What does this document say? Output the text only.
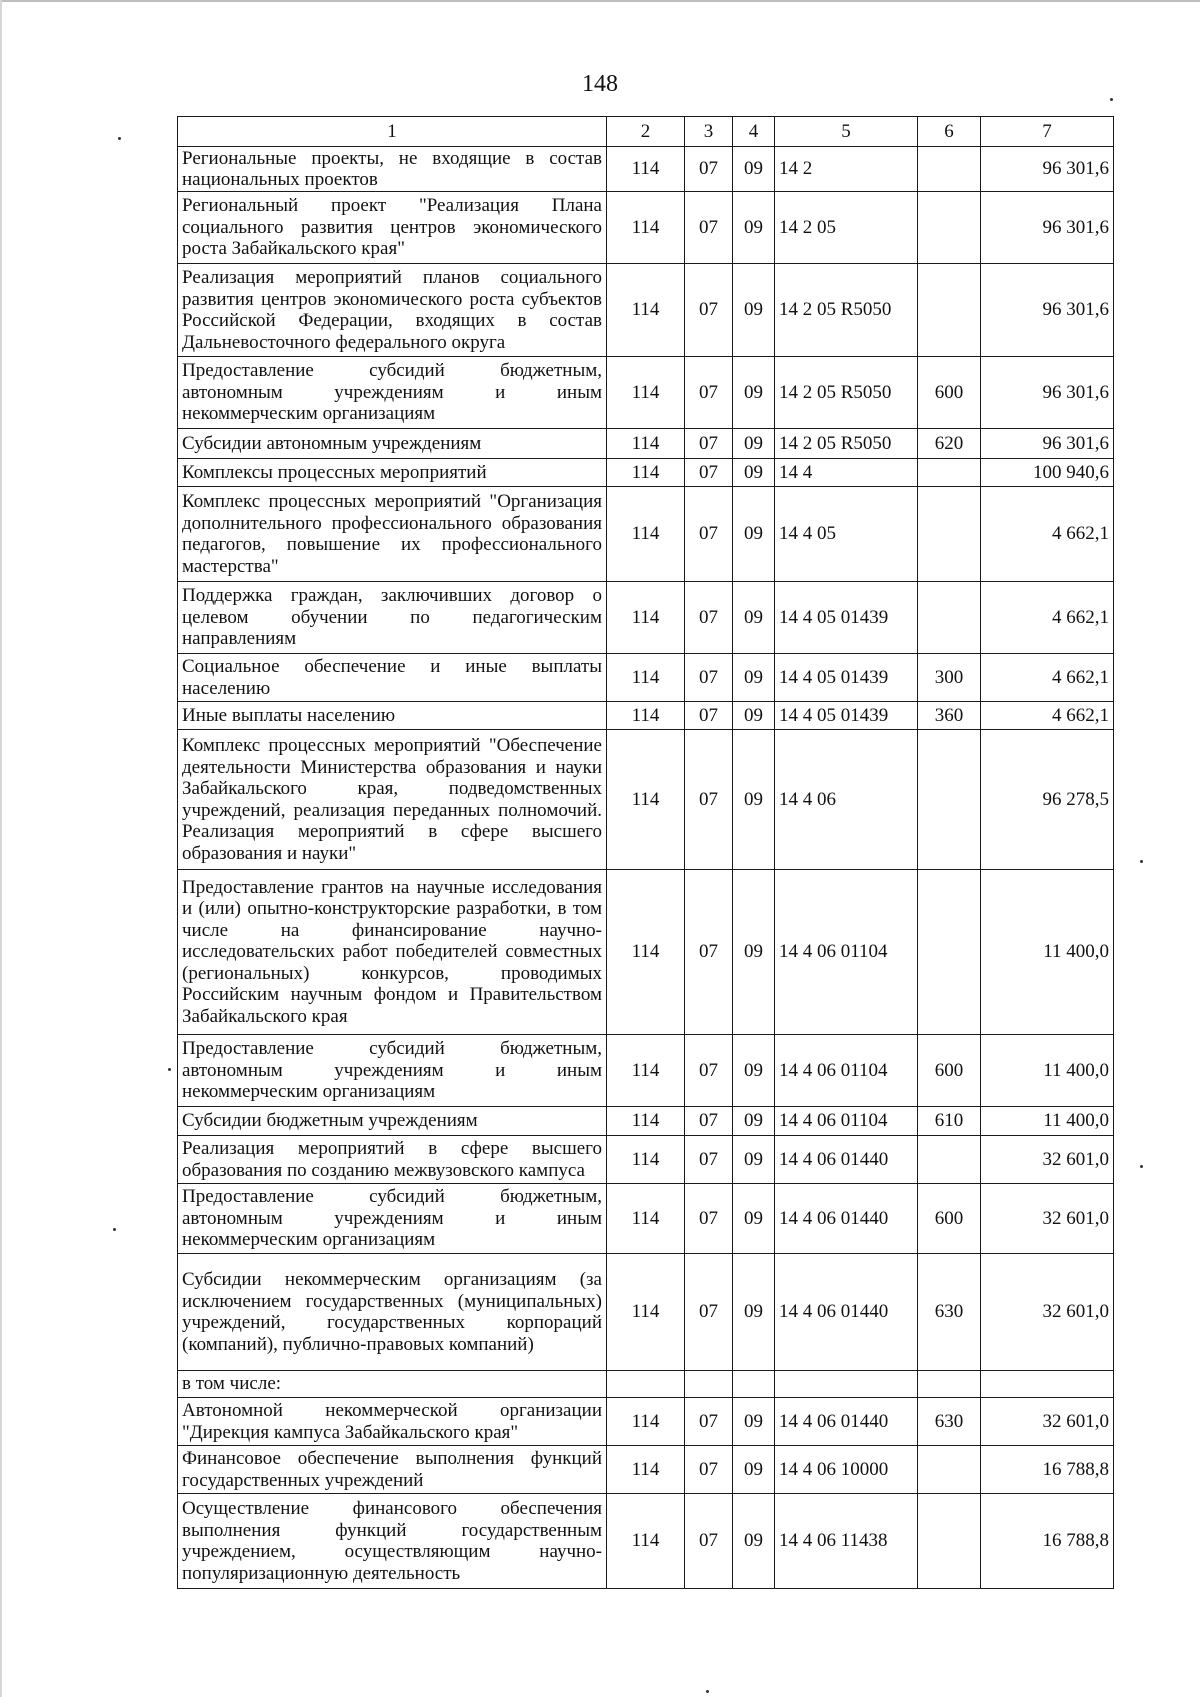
148
1	2	3	4	5	6	7
Региональные проекты, не входящие в состав национальных проектов	114	07	09	14 2		96 301,6
Региональный проект "Реализация Плана социального развития центров экономического роста Забайкальского края"	114	07	09	14 2 05		96 301,6
Реализация мероприятий планов социального развития центров экономического роста субъектов Российской Федерации, входящих в состав Дальневосточного федерального округа	114	07	09	14 2 05 R5050		96 301,6
Предоставление субсидий бюджетным, автономным учреждениям и иным некоммерческим организациям	114	07	09	14 2 05 R5050	600	96 301,6
Субсидии автономным учреждениям	114	07	09	14 2 05 R5050	620	96 301,6
Комплексы процессных мероприятий	114	07	09	14 4		100 940,6
Комплекс процессных мероприятий "Организация дополнительного профессионального образования педагогов, повышение их профессионального мастерства"	114	07	09	14 4 05		4 662,1
Поддержка граждан, заключивших договор о целевом обучении по педагогическим направлениям	114	07	09	14 4 05 01439		4 662,1
Социальное обеспечение и иные выплаты населению	114	07	09	14 4 05 01439	300	4 662,1
Иные выплаты населению	114	07	09	14 4 05 01439	360	4 662,1
Комплекс процессных мероприятий "Обеспечение деятельности Министерства образования и науки Забайкальского края, подведомственных учреждений, реализация переданных полномочий. Реализация мероприятий в сфере высшего образования и науки"	114	07	09	14 4 06		96 278,5
Предоставление грантов на научные исследования и (или) опытно-конструкторские разработки, в том числе на финансирование научно-исследовательских работ победителей совместных (региональных) конкурсов, проводимых Российским научным фондом и Правительством Забайкальского края	114	07	09	14 4 06 01104		11 400,0
Предоставление субсидий бюджетным, автономным учреждениям и иным некоммерческим организациям	114	07	09	14 4 06 01104	600	11 400,0
Субсидии бюджетным учреждениям	114	07	09	14 4 06 01104	610	11 400,0
Реализация мероприятий в сфере высшего образования по созданию межвузовского кампуса	114	07	09	14 4 06 01440		32 601,0
Предоставление субсидий бюджетным, автономным учреждениям и иным некоммерческим организациям	114	07	09	14 4 06 01440	600	32 601,0
Субсидии некоммерческим организациям (за исключением государственных (муниципальных) учреждений, государственных корпораций (компаний), публично-правовых компаний)	114	07	09	14 4 06 01440	630	32 601,0
в том числе:						
Автономной некоммерческой организации "Дирекция кампуса Забайкальского края"	114	07	09	14 4 06 01440	630	32 601,0
Финансовое обеспечение выполнения функций государственных учреждений	114	07	09	14 4 06 10000		16 788,8
Осуществление финансового обеспечения выполнения функций государственным учреждением, осуществляющим научно-популяризационную деятельность	114	07	09	14 4 06 11438		16 788,8
